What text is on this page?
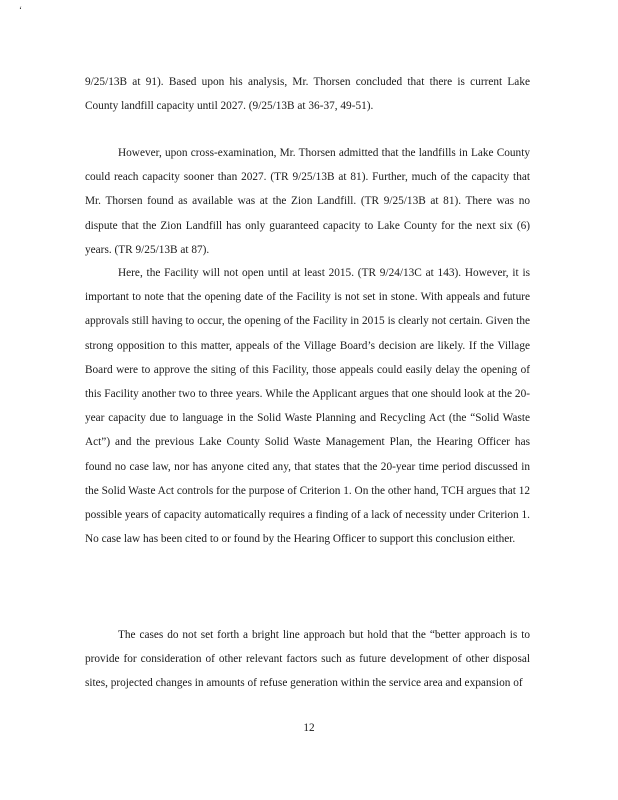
ʻ

9/25/13B at 91). Based upon his analysis, Mr. Thorsen concluded that there is current Lake County landfill capacity until 2027. (9/25/13B at 36-37, 49-51).

However, upon cross-examination, Mr. Thorsen admitted that the landfills in Lake County could reach capacity sooner than 2027. (TR 9/25/13B at 81). Further, much of the capacity that Mr. Thorsen found as available was at the Zion Landfill. (TR 9/25/13B at 81). There was no dispute that the Zion Landfill has only guaranteed capacity to Lake County for the next six (6) years. (TR 9/25/13B at 87).

Here, the Facility will not open until at least 2015. (TR 9/24/13C at 143). However, it is important to note that the opening date of the Facility is not set in stone. With appeals and future approvals still having to occur, the opening of the Facility in 2015 is clearly not certain. Given the strong opposition to this matter, appeals of the Village Board’s decision are likely. If the Village Board were to approve the siting of this Facility, those appeals could easily delay the opening of this Facility another two to three years. While the Applicant argues that one should look at the 20-year capacity due to language in the Solid Waste Planning and Recycling Act (the “Solid Waste Act”) and the previous Lake County Solid Waste Management Plan, the Hearing Officer has found no case law, nor has anyone cited any, that states that the 20-year time period discussed in the Solid Waste Act controls for the purpose of Criterion 1. On the other hand, TCH argues that 12 possible years of capacity automatically requires a finding of a lack of necessity under Criterion 1. No case law has been cited to or found by the Hearing Officer to support this conclusion either.

The cases do not set forth a bright line approach but hold that the “better approach is to provide for consideration of other relevant factors such as future development of other disposal sites, projected changes in amounts of refuse generation within the service area and expansion of

12
